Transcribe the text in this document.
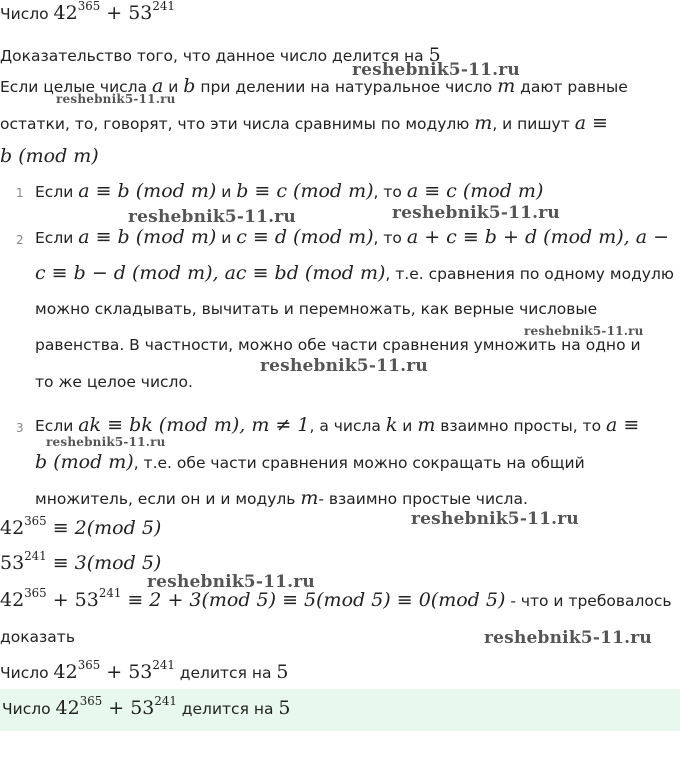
Число $42^{365} + 53^{241}$
Доказательство того, что данное число делится на 5
Если целые числа a и b при делении на натуральное число m дают равные
остатки, то, говорят, что эти числа сравнимы по модулю m, и пишут a ≡
b (mod m)
1 Если a ≡ b (mod m) и b ≡ c (mod m), то a ≡ c (mod m)
2 Если a ≡ b (mod m) и c ≡ d (mod m), то a + c ≡ b + d (mod m), a −
c ≡ b − d (mod m), ac ≡ bd (mod m), т.е. сравнения по одному модулю
можно складывать, вычитать и перемножать, как верные числовые
равенства. В частности, можно обе части сравнения умножить на одно и
то же целое число.
3 Если ak ≡ bk (mod m), m ≠ 1, а числа k и m взаимно просты, то a ≡
b (mod m), т.е. обе части сравнения можно сокращать на общий
множитель, если он и и модуль m- взаимно простые числа.
$42^{365} \equiv 2(mod$ 5)
$53^{241} \equiv 3(mod$ 5)
$42^{365} + 53^{241} \equiv 2 + 3(mod$ 5) ≡ 5(mod 5) ≡ 0(mod 5) - что и требовалось
доказать
Число $42^{365} + 53^{241}$ делится на 5
Число $42^{365} + 53^{241}$ делится на 5
reshebnik5-11.ru
reshebnik5-11.ru
reshebnik5-11.ru	reshebnik5-11.ru
reshebnik5-11.ru
reshebnik5-11.ru
reshebnik5-11.ru
reshebnik5-11.ru
reshebnik5-11.ru
reshebnik5-11.ru
